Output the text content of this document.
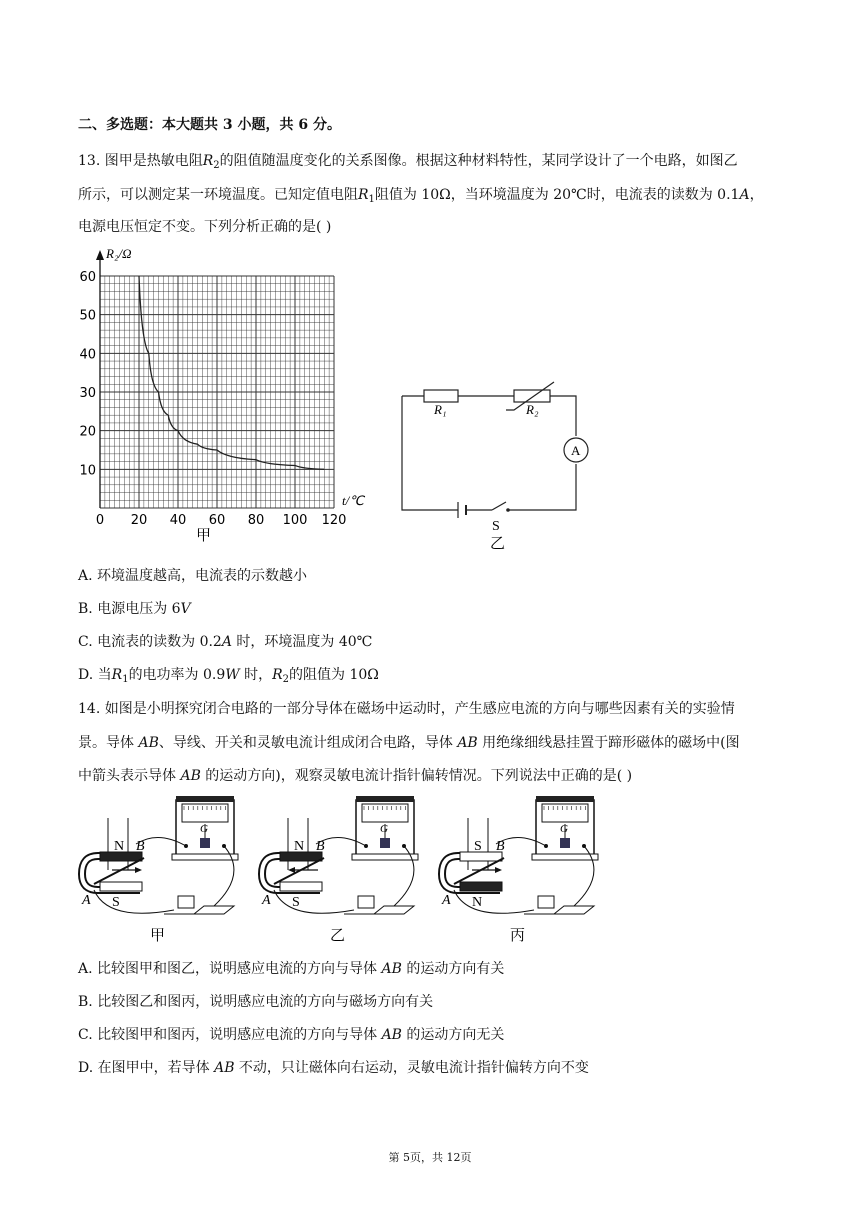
二、多选题：本大题共 3 小题，共 6 分。
13. 图甲是热敏电阻$R_2$的阻值随温度变化的关系图像。根据这种材料特性，某同学设计了一个电路，如图乙
所示，可以测定某一环境温度。已知定值电阻$R_1$阻值为 10Ω，当环境温度为 20℃时，电流表的读数为 0.1A，
电源电压恒定不变。下列分析正确的是( )
0 20 40 60 80 100 120
10
20
30
40
50
60
R₂/Ω
t/℃
甲
R₁	R₂
A
S
乙
A. 环境温度越高，电流表的示数越小
B. 电源电压为 6V
C. 电流表的读数为 0.2A 时，环境温度为 40℃
D. 当$R_1$的电功率为 0.9W 时，$R_2$的阻值为 10Ω
14. 如图是小明探究闭合电路的一部分导体在磁场中运动时，产生感应电流的方向与哪些因素有关的实验情
景。导体 AB、导线、开关和灵敏电流计组成闭合电路，导体 AB 用绝缘细线悬挂置于蹄形磁体的磁场中(图
中箭头表示导体 AB 的运动方向)，观察灵敏电流计指针偏转情况。下列说法中正确的是( )
N
S
B
A
G
甲
N
S
B
A
G
乙
S
N
B
A
G
丙
A. 比较图甲和图乙，说明感应电流的方向与导体 AB 的运动方向有关
B. 比较图乙和图丙，说明感应电流的方向与磁场方向有关
C. 比较图甲和图丙，说明感应电流的方向与导体 AB 的运动方向无关
D. 在图甲中，若导体 AB 不动，只让磁体向右运动，灵敏电流计指针偏转方向不变
第 5页，共 12页
